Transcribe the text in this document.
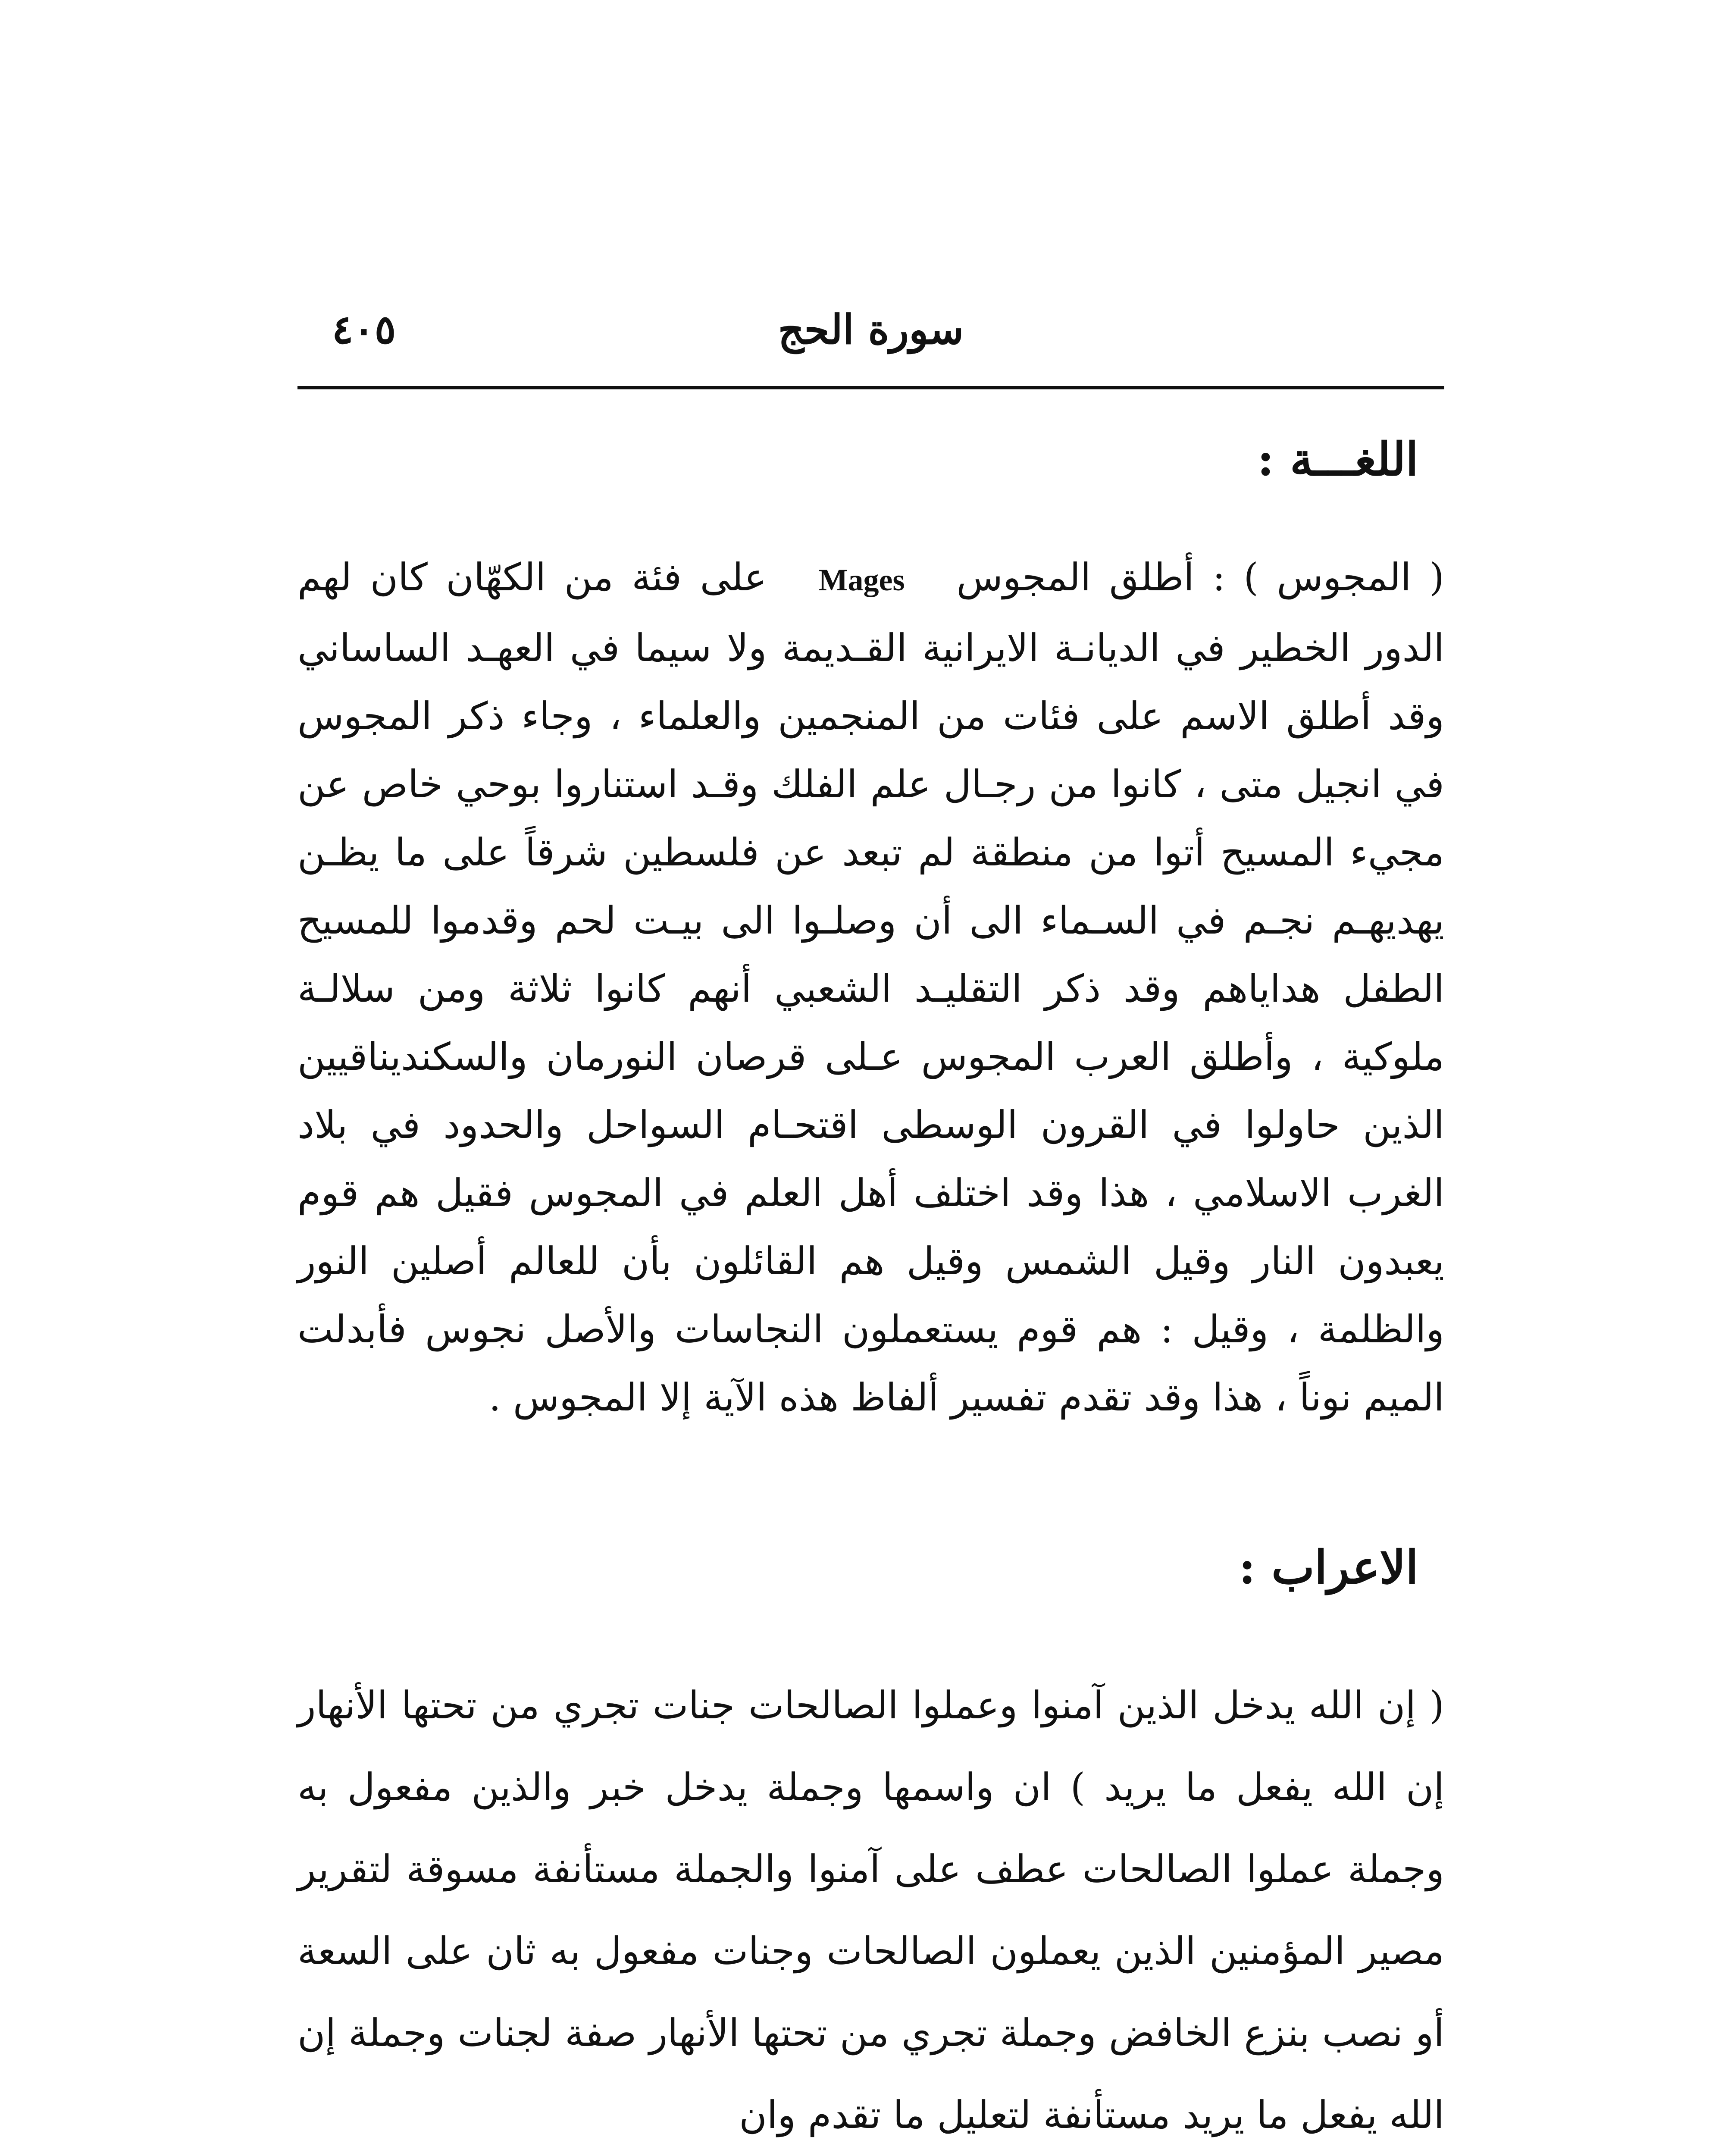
سورة الحج
٤٠٥
اللغـــة :

( المجوس ) : أطلق المجوسMagesعلى فئة من الكهّان كان لهم الدور الخطير في الديانـة الايرانية القـديمة ولا سيما في العهـد الساساني وقد أطلق الاسم على فئات من المنجمين والعلماء ، وجاء ذكر المجوس في انجيل متى ، كانوا من رجـال علم الفلك وقـد استناروا بوحي خاص عن مجيء المسيح أتوا من منطقة لم تبعد عن فلسطين شرقاً على ما يظـن يهديهـم نجـم في السـماء الى أن وصلـوا الى بيـت لحم وقدموا للمسيح الطفل هداياهم وقد ذكر التقليـد الشعبي أنهم كانوا ثلاثة ومن سلالـة ملوكية ، وأطلق العرب المجوس عـلى قرصان النورمان والسكنديناقيين الذين حاولوا في القرون الوسطى اقتحـام السواحل والحدود في بلاد الغرب الاسلامي ، هذا وقد اختلف أهل العلم في المجوس فقيل هم قوم يعبدون النار وقيل الشمس وقيل هم القائلون بأن للعالم أصلين النور والظلمة ، وقيل : هم قوم يستعملون النجاسات والأصل نجوس فأبدلت الميم نوناً ، هذا وقد تقدم تفسير ألفاظ هذه الآية إلا المجوس .

الاعراب :

( إن الله يدخل الذين آمنوا وعملوا الصالحات جنات تجري من تحتها الأنهار إن الله يفعل ما يريد ) ان واسمها وجملة يدخل خبر والذين مفعول به وجملة عملوا الصالحات عطف على آمنوا والجملة مستأنفة مسوقة لتقرير مصير المؤمنين الذين يعملون الصالحات وجنات مفعول به ثان على السعة أو نصب بنزع الخافض وجملة تجري من تحتها الأنهار صفة لجنات وجملة إن الله يفعل ما يريد مستأنفة لتعليل ما تقدم وان
